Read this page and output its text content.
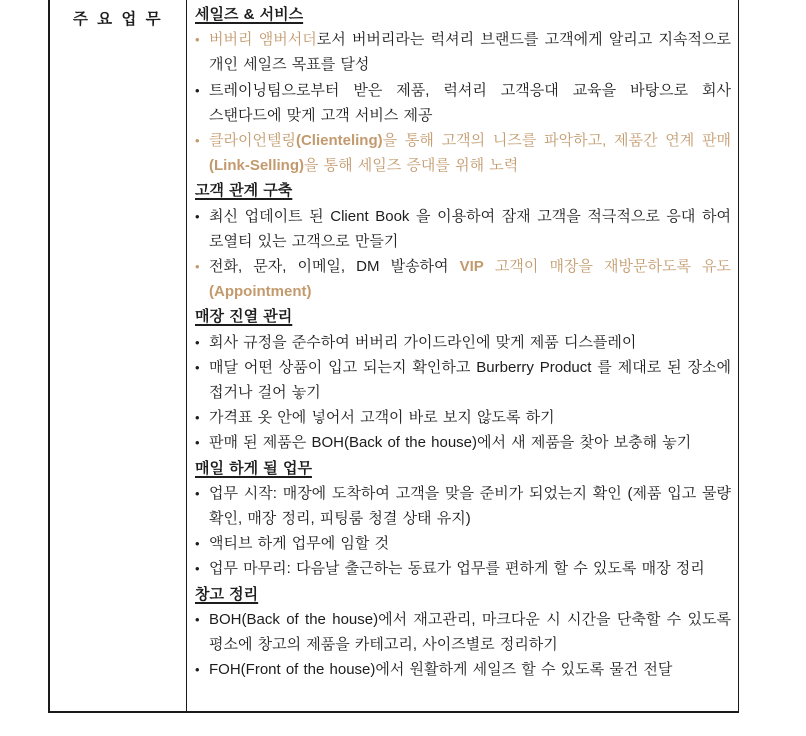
주 요 업 무	세일즈 & 서비스
• 버버리 앰버서더로서 버버리라는 럭셔리 브랜드를 고객에게 알리고 지속적으로 개인 세일즈 목표를 달성
• 트레이닝팀으로부터 받은 제품, 럭셔리 고객응대 교육을 바탕으로 회사 스탠다드에 맞게 고객 서비스 제공
• 클라이언텔링(Clienteling)을 통해 고객의 니즈를 파악하고, 제품간 연계 판매(Link-Selling)을 통해 세일즈 증대를 위해 노력
고객 관계 구축
• 최신 업데이트 된 Client Book 을 이용하여 잠재 고객을 적극적으로 응대 하여 로열티 있는 고객으로 만들기
• 전화, 문자, 이메일, DM 발송하여 VIP 고객이 매장을 재방문하도록 유도(Appointment)
매장 진열 관리
• 회사 규정을 준수하여 버버리 가이드라인에 맞게 제품 디스플레이
• 매달 어떤 상품이 입고 되는지 확인하고 Burberry Product 를 제대로 된 장소에 접거나 걸어 놓기
• 가격표 옷 안에 넣어서 고객이 바로 보지 않도록 하기
• 판매 된 제품은 BOH(Back of the house)에서 새 제품을 찾아 보충해 놓기
매일 하게 될 업무
• 업무 시작: 매장에 도착하여 고객을 맞을 준비가 되었는지 확인 (제품 입고 물량 확인, 매장 정리, 피팅룸 청결 상태 유지)
• 액티브 하게 업무에 임할 것
• 업무 마무리: 다음날 출근하는 동료가 업무를 편하게 할 수 있도록 매장 정리
창고 정리
• BOH(Back of the house)에서 재고관리, 마크다운 시 시간을 단축할 수 있도록 평소에 창고의 제품을 카테고리, 사이즈별로 정리하기
• FOH(Front of the house)에서 원활하게 세일즈 할 수 있도록 물건 전달
